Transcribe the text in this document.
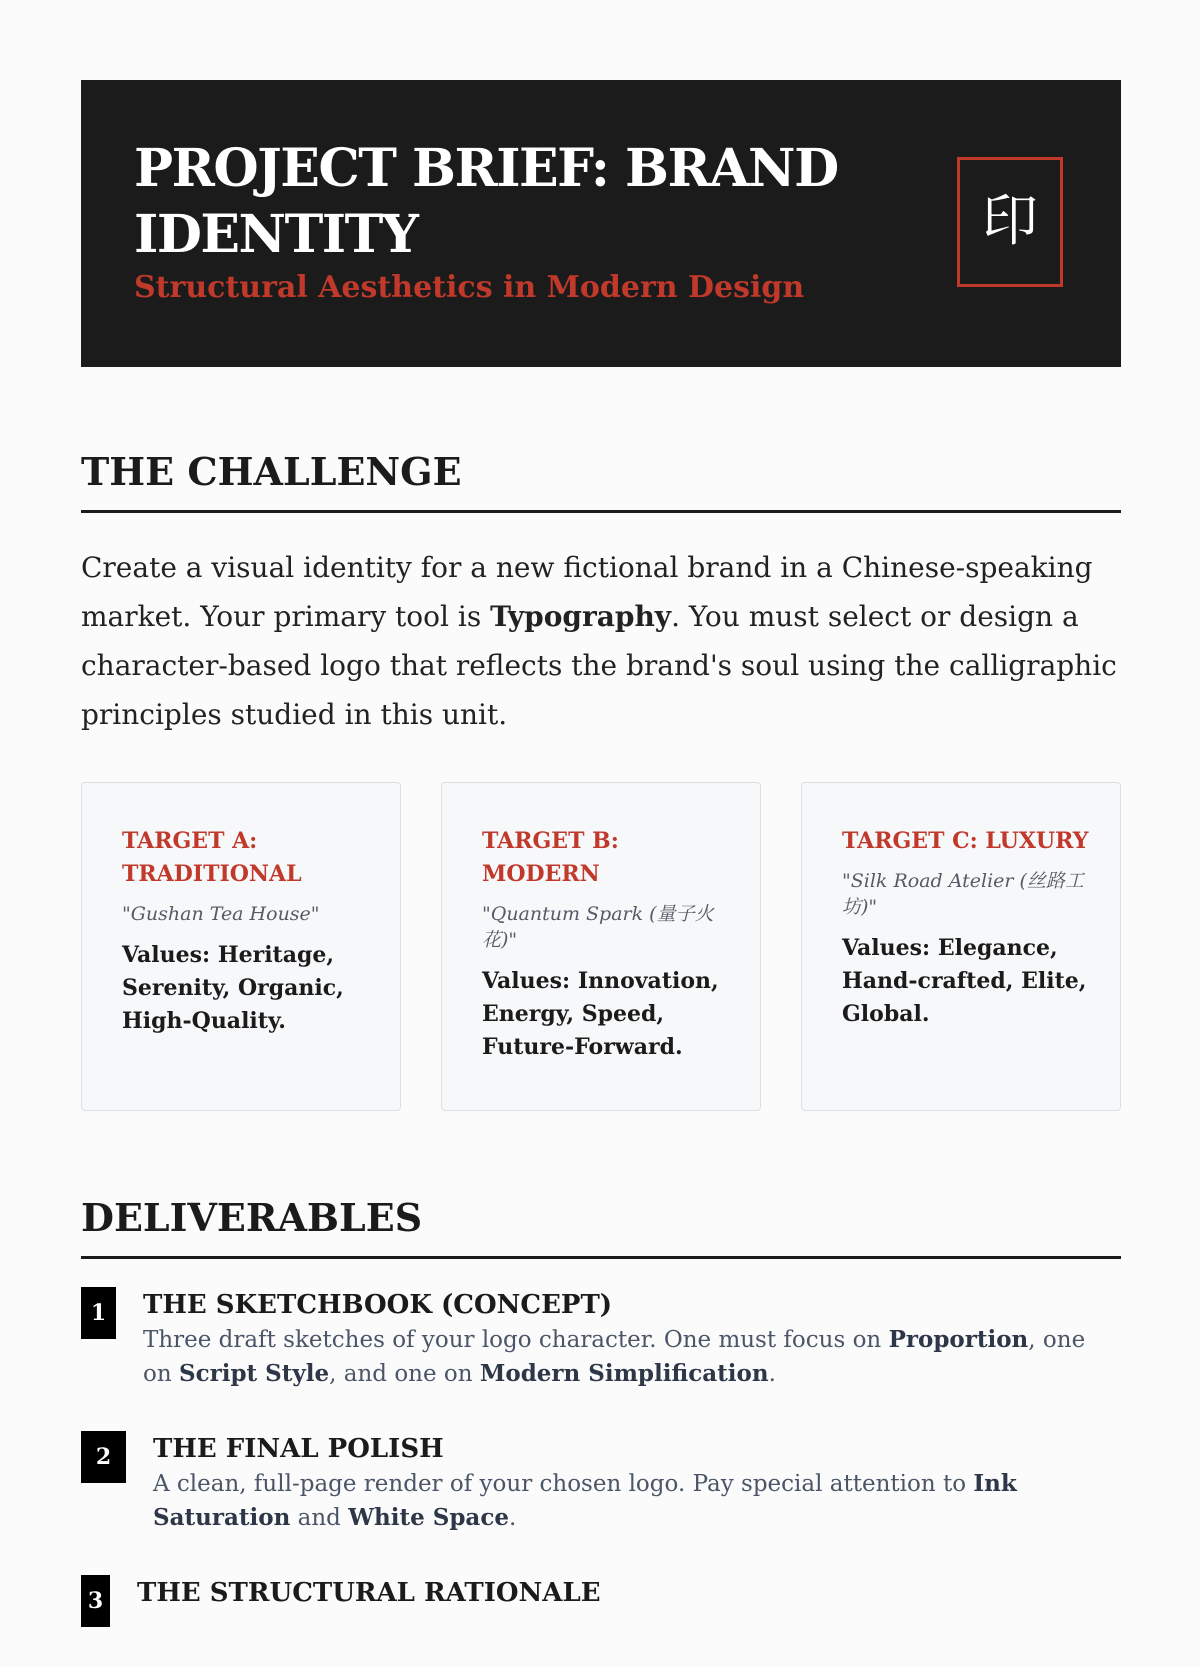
PROJECT BRIEF: BRAND IDENTITY
Structural Aesthetics in Modern Design
印
THE CHALLENGE

Create a visual identity for a new fictional brand in a Chinese-speaking market. Your primary tool is Typography. You must select or design a character-based logo that reflects the brand's soul using the calligraphic principles studied in this unit.

TARGET A: TRADITIONAL
"Gushan Tea House"
Values: Heritage, Serenity, Organic, High-Quality.
TARGET B: MODERN
"Quantum Spark (量子火花)"
Values: Innovation, Energy, Speed, Future-Forward.
TARGET C: LUXURY
"Silk Road Atelier (丝路工坊)"
Values: Elegance, Hand-crafted, Elite, Global.
DELIVERABLES
1	THE SKETCHBOOK (CONCEPT)

Three draft sketches of your logo character. One must focus on Proportion, one on Script Style, and one on Modern Simplification.

2	THE FINAL POLISH

A clean, full-page render of your chosen logo. Pay special attention to Ink Saturation and White Space.

3 THE STRUCTURAL RATIONALE
